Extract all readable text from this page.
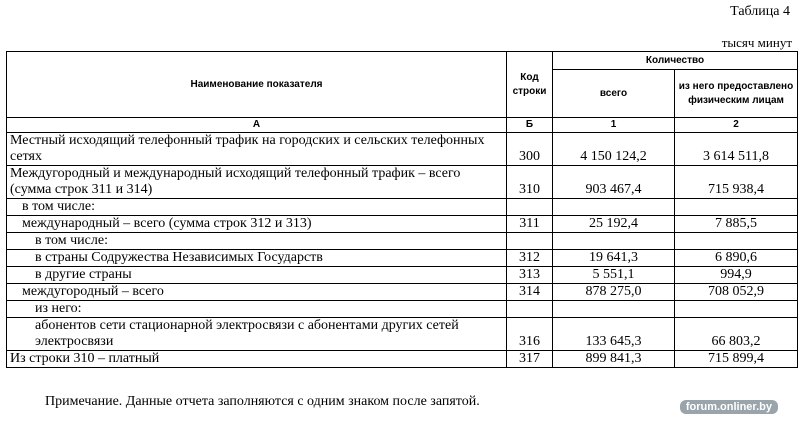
Таблица 4
тысяч минут
Наименование показателя	Код строки	Количество	
		всего	из него предоставлено физическим лицам
А	Б	1	2
Местный исходящий телефонный трафик на городских и сельских телефонных сетях	300	4 150 124,2	3 614 511,8
Междугородный и международный исходящий телефонный трафик – всего (сумма строк 311 и 314)	310	903 467,4	715 938,4
в том числе:			
международный – всего (сумма строк 312 и 313)	311	25 192,4	7 885,5
в том числе:			
в страны Содружества Независимых Государств	312	19 641,3	6 890,6
в другие страны	313	5 551,1	994,9
междугородный – всего	314	878 275,0	708 052,9
из него:			
абонентов сети стационарной электросвязи с абонентами других сетей электросвязи	316	133 645,3	66 803,2
Из строки 310 – платный	317	899 841,3	715 899,4
Примечание. Данные отчета заполняются с одним знаком после запятой.	forum.onliner.by
